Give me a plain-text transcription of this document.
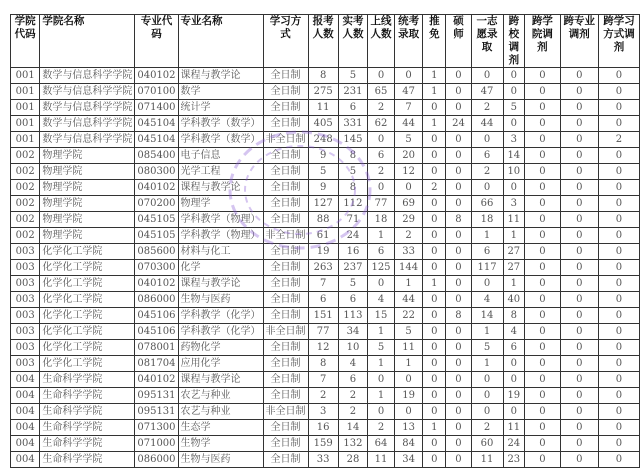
学院代码	学院名称	专业代码	专业名称	学习方式	报考人数	实考人数	上线人数	统考录取	推免	硕师	一志愿录取	跨校调剂	跨学院调剂	跨专业调剂	跨学习方式调剂
001	数学与信息科学学院	040102	课程与教学论	全日制	8	5	0	0	1	0	0	0	0	0	0
001	数学与信息科学学院	070100	数学	全日制	275	231	65	47	1	0	47	0	0	0	0
001	数学与信息科学学院	071400	统计学	全日制	11	6	2	7	0	0	2	5	0	0	0
001	数学与信息科学学院	045104	学科教学（数学）	全日制	405	331	62	44	1	24	44	0	0	0	0
001	数学与信息科学学院	045104	学科教学（数学）	非全日制	248	145	0	5	0	0	0	3	0	0	2
002	物理学院	085400	电子信息	全日制	9	8	6	20	0	0	6	14	0	0	0
002	物理学院	080300	光学工程	全日制	5	5	2	12	0	0	2	10	0	0	0
002	物理学院	040102	课程与教学论	全日制	9	8	0	0	2	0	0	0	0	0	0
002	物理学院	070200	物理学	全日制	127	112	77	69	0	0	66	3	0	0	0
002	物理学院	045105	学科教学（物理）	全日制	88	71	18	29	0	8	18	11	0	0	0
002	物理学院	045105	学科教学（物理）	非全日制	61	24	1	2	0	0	1	1	0	0	0
003	化学化工学院	085600	材料与化工	全日制	19	16	6	33	0	0	6	27	0	0	0
003	化学化工学院	070300	化学	全日制	263	237	125	144	0	0	117	27	0	0	0
003	化学化工学院	040102	课程与教学论	全日制	7	5	0	1	1	0	0	1	0	0	0
003	化学化工学院	086000	生物与医药	全日制	6	6	4	44	0	0	4	40	0	0	0
003	化学化工学院	045106	学科教学（化学）	全日制	151	113	15	22	0	8	14	8	0	0	0
003	化学化工学院	045106	学科教学（化学）	非全日制	77	34	1	5	0	0	1	4	0	0	0
003	化学化工学院	078001	药物化学	全日制	12	10	5	11	0	0	5	6	0	0	0
003	化学化工学院	081704	应用化学	全日制	8	4	1	1	0	0	1	0	0	0	0
004	生命科学学院	040102	课程与教学论	全日制	7	6	0	0	0	0	0	0	0	0	0
004	生命科学学院	095131	农艺与种业	全日制	2	2	1	19	0	0	0	19	0	0	0
004	生命科学学院	095131	农艺与种业	非全日制	3	2	0	0	0	0	0	0	0	0	0
004	生命科学学院	071300	生态学	全日制	16	14	2	13	1	0	2	11	0	0	0
004	生命科学学院	071000	生物学	全日制	159	132	64	84	0	0	60	24	0	0	0
004	生命科学学院	086000	生物与医药	全日制	33	28	11	34	0	0	11	23	0	0	0
